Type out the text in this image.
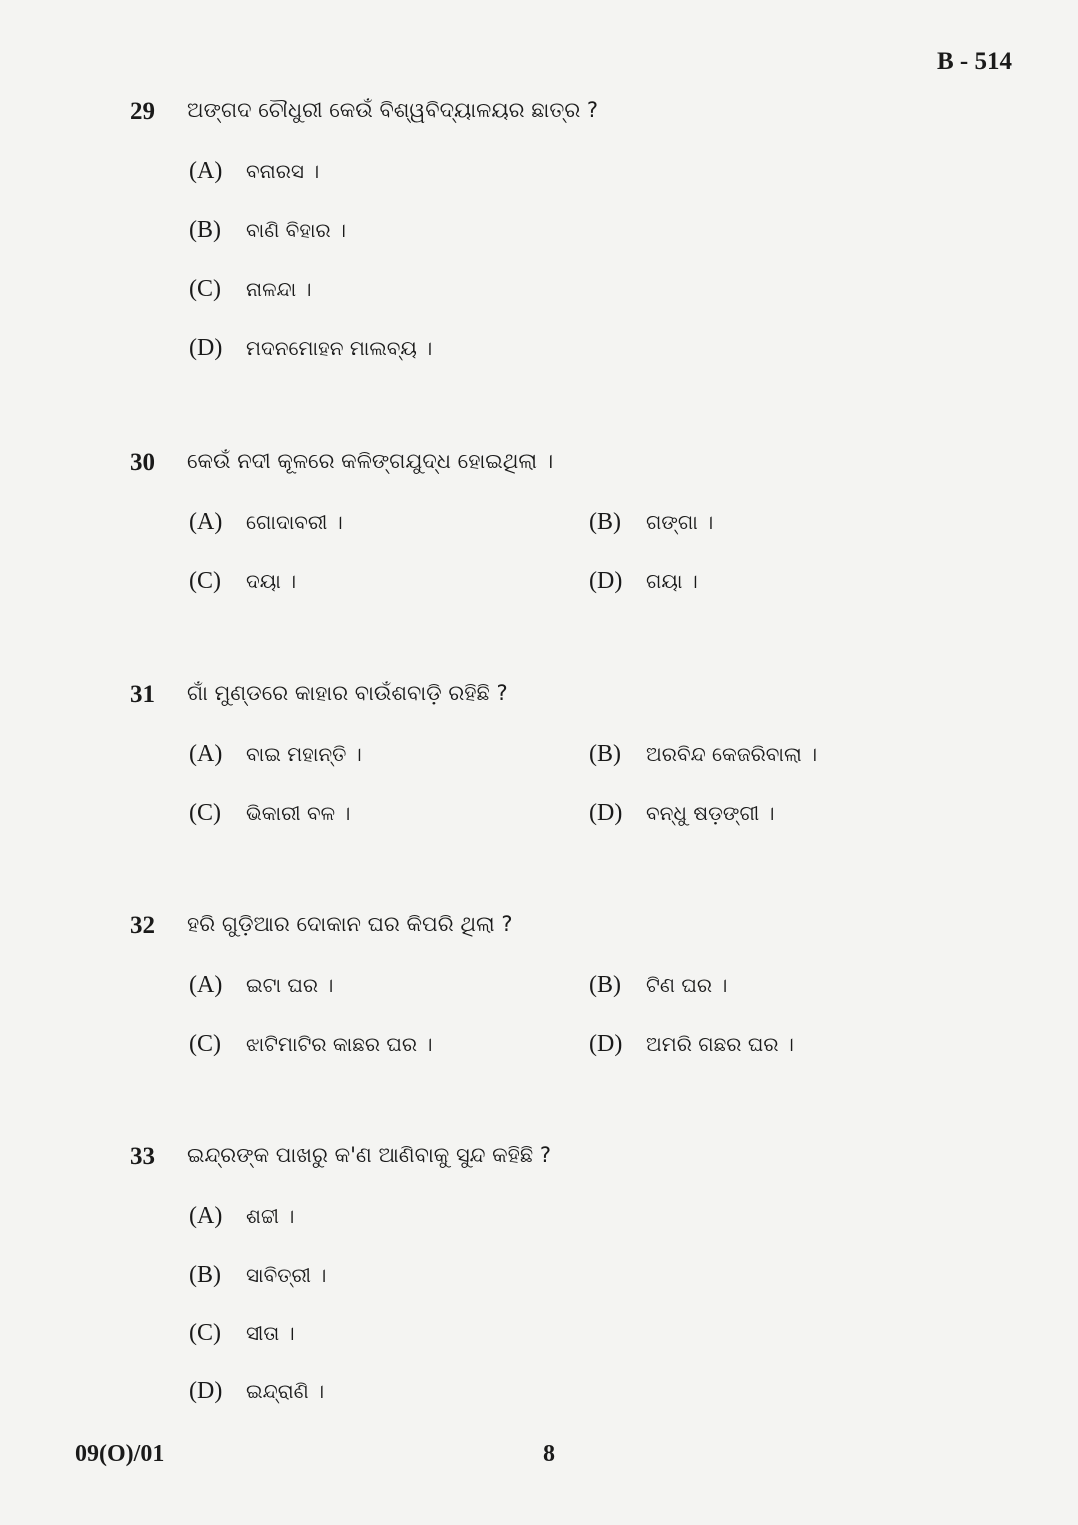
B - 514
29 ଅଙ୍ଗଦ ଚୌଧୁରୀ କେଉଁ ବିଶ୍ୱବିଦ୍ୟାଳୟର ଛାତ୍ର ?
(A) ବନାରସ ।
(B) ବାଣି ବିହାର ।
(C) ନାଳନ୍ଦା ।
(D) ମଦନମୋହନ ମାଲବ୍ୟ ।
30 କେଉଁ ନଦୀ କୂଳରେ କଳିଙ୍ଗଯୁଦ୍ଧ ହୋଇଥିଲା ।
(A) ଗୋଦାବରୀ ।	(B) ଗଙ୍ଗା ।
(C) ଦୟା ।	(D) ଗୟା ।
31 ଗାଁ ମୁଣ୍ଡରେ କାହାର ବାଉଁଶବାଡ଼ି ରହିଛି ?
(A) ବାଇ ମହାନ୍ତି ।	(B) ଅରବିନ୍ଦ କେଜରିବାଲା ।
(C) ଭିକାରୀ ବଳ ।	(D) ବନ୍ଧୁ ଷଡ଼ଙ୍ଗୀ ।
32 ହରି ଗୁଡ଼ିଆର ଦୋକାନ ଘର କିପରି ଥିଲା ?
(A) ଇଟା ଘର ।	(B) ଟିଣ ଘର ।
(C) ଝାଟିମାଟିର କାଛର ଘର ।	(D) ଅମରି ଗଛର ଘର ।
33 ଇନ୍ଦ୍ରଙ୍କ ପାଖରୁ କ'ଣ ଆଣିବାକୁ ସୁନ୍ଦ କହିଛି ?
(A) ଶଚ୍ଚୀ ।
(B) ସାବିତ୍ରୀ ।
(C) ସୀତା ।
(D) ଇନ୍ଦ୍ରାଣି ।
09(O)/01	8
